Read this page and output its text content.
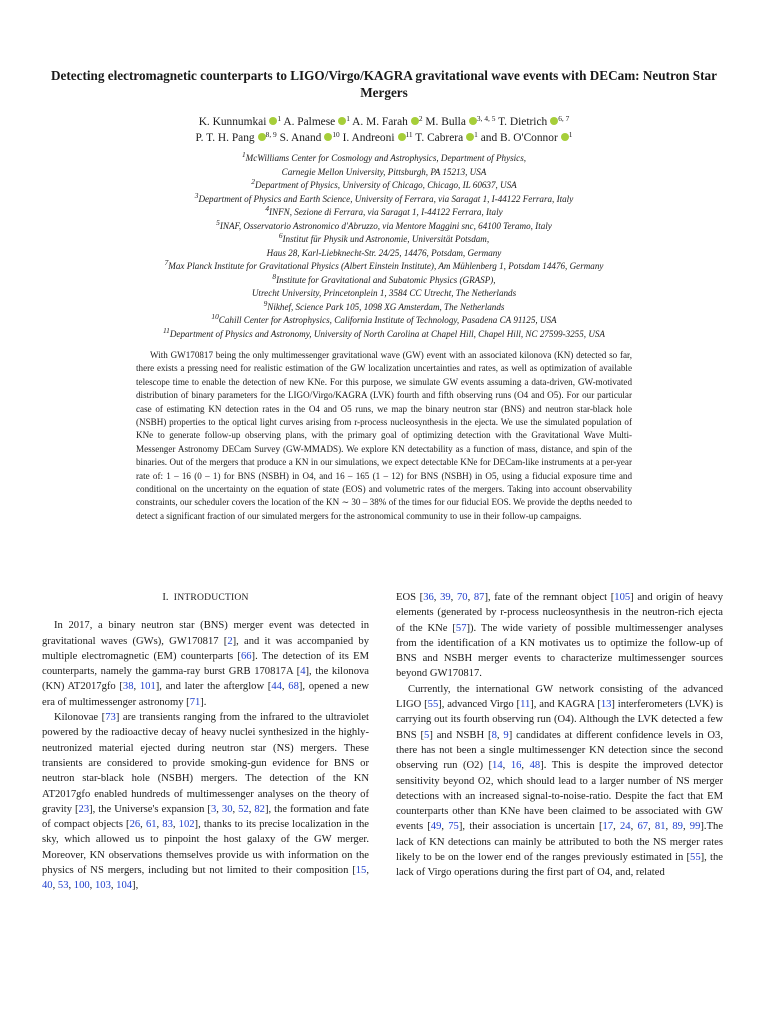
Detecting electromagnetic counterparts to LIGO/Virgo/KAGRA gravitational wave events with DECam: Neutron Star Mergers
K. Kunnumkai $^1$ A. Palmese $^1$ A. M. Farah $^2$ M. Bulla $^{3, 4, 5}$ T. Dietrich $^{6, 7}$
P. T. H. Pang $^{8, 9}$ S. Anand $^{10}$ I. Andreoni $^{11}$ T. Cabrera $^1$ and B. O'Connor $^1$
$^1$McWilliams Center for Cosmology and Astrophysics, Department of Physics,
Carnegie Mellon University, Pittsburgh, PA 15213, USA
$^2$Department of Physics, University of Chicago, Chicago, IL 60637, USA
$^3$Department of Physics and Earth Science, University of Ferrara, via Saragat 1, I-44122 Ferrara, Italy
$^4$INFN, Sezione di Ferrara, via Saragat 1, I-44122 Ferrara, Italy
$^5$INAF, Osservatorio Astronomico d'Abruzzo, via Mentore Maggini snc, 64100 Teramo, Italy
$^6$Institut für Physik und Astronomie, Universität Potsdam,
Haus 28, Karl-Liebknecht-Str. 24/25, 14476, Potsdam, Germany
$^7$Max Planck Institute for Gravitational Physics (Albert Einstein Institute), Am Mühlenberg 1, Potsdam 14476, Germany
$^8$Institute for Gravitational and Subatomic Physics (GRASP),
Utrecht University, Princetonplein 1, 3584 CC Utrecht, The Netherlands
$^9$Nikhef, Science Park 105, 1098 XG Amsterdam, The Netherlands
$^{10}$Cahill Center for Astrophysics, California Institute of Technology, Pasadena CA 91125, USA
$^{11}$Department of Physics and Astronomy, University of North Carolina at Chapel Hill, Chapel Hill, NC 27599-3255, USA
With GW170817 being the only multimessenger gravitational wave (GW) event with an associated kilonova (KN) detected so far, there exists a pressing need for realistic estimation of the GW localization uncertainties and rates, as well as optimization of available telescope time to enable the detection of new KNe. For this purpose, we simulate GW events assuming a data-driven, GW-motivated distribution of binary parameters for the LIGO/Virgo/KAGRA (LVK) fourth and fifth observing runs (O4 and O5). For our particular case of estimating KN detection rates in the O4 and O5 runs, we map the binary neutron star (BNS) and neutron star-black hole (NSBH) properties to the optical light curves arising from r-process nucleosynthesis in the ejecta. We use the simulated population of KNe to generate follow-up observing plans, with the primary goal of optimizing detection with the Gravitational Wave Multi-Messenger Astronomy DECam Survey (GW-MMADS). We explore KN detectability as a function of mass, distance, and spin of the binaries. Out of the mergers that produce a KN in our simulations, we expect detectable KNe for DECam-like instruments at a per-year rate of: 1 – 16 (0 – 1) for BNS (NSBH) in O4, and 16 – 165 (1 – 12) for BNS (NSBH) in O5, using a fiducial exposure time and conditional on the uncertainty on the equation of state (EOS) and volumetric rates of the mergers. Taking into account observability constraints, our scheduler covers the location of the KN ∼ 30 – 38% of the times for our fiducial EOS. We provide the depths needed to detect a significant fraction of our simulated mergers for the astronomical community to use in their follow-up campaigns.
I. INTRODUCTION

In 2017, a binary neutron star (BNS) merger event was detected in gravitational waves (GWs), GW170817 [2], and it was accompanied by multiple electromagnetic (EM) counterparts [66]. The detection of its EM counterparts, namely the gamma-ray burst GRB 170817A [4], the kilonova (KN) AT2017gfo [38, 101], and later the afterglow [44, 68], opened a new era of multimessenger astronomy [71].

Kilonovae [73] are transients ranging from the infrared to the ultraviolet powered by the radioactive decay of heavy nuclei synthesized in the highly-neutronized material ejected during neutron star (NS) mergers. These transients are considered to provide smoking-gun evidence for BNS or neutron star-black hole (NSBH) mergers. The detection of the KN AT2017gfo enabled hundreds of multimessenger analyses on the theory of gravity [23], the Universe's expansion [3, 30, 52, 82], the formation and fate of compact objects [26, 61, 83, 102], thanks to its precise localization in the sky, which allowed us to pinpoint the host galaxy of the GW merger. Moreover, KN observations themselves provide us with information on the physics of NS mergers, including but not limited to their composition [15, 40, 53, 100, 103, 104],

EOS [36, 39, 70, 87], fate of the remnant object [105] and origin of heavy elements (generated by r-process nucleosynthesis in the neutron-rich ejecta of the KNe [57]). The wide variety of possible multimessenger analyses from the identification of a KN motivates us to optimize the follow-up of BNS and NSBH merger events to characterize multimessenger sources beyond GW170817.

Currently, the international GW network consisting of the advanced LIGO [55], advanced Virgo [11], and KAGRA [13] interferometers (LVK) is carrying out its fourth observing run (O4). Although the LVK detected a few BNS [5] and NSBH [8, 9] candidates at different confidence levels in O3, there has not been a single multimessenger KN detection since the second observing run (O2) [14, 16, 48]. This is despite the improved detector sensitivity beyond O2, which should lead to a larger number of NS merger detections with an increased signal-to-noise-ratio. Despite the fact that EM counterparts other than KNe have been claimed to be associated with GW events [49, 75], their association is uncertain [17, 24, 67, 81, 89, 99].The lack of KN detections can mainly be attributed to both the NS merger rates likely to be on the lower end of the ranges previously estimated in [55], the lack of Virgo operations during the first part of O4, and, related
